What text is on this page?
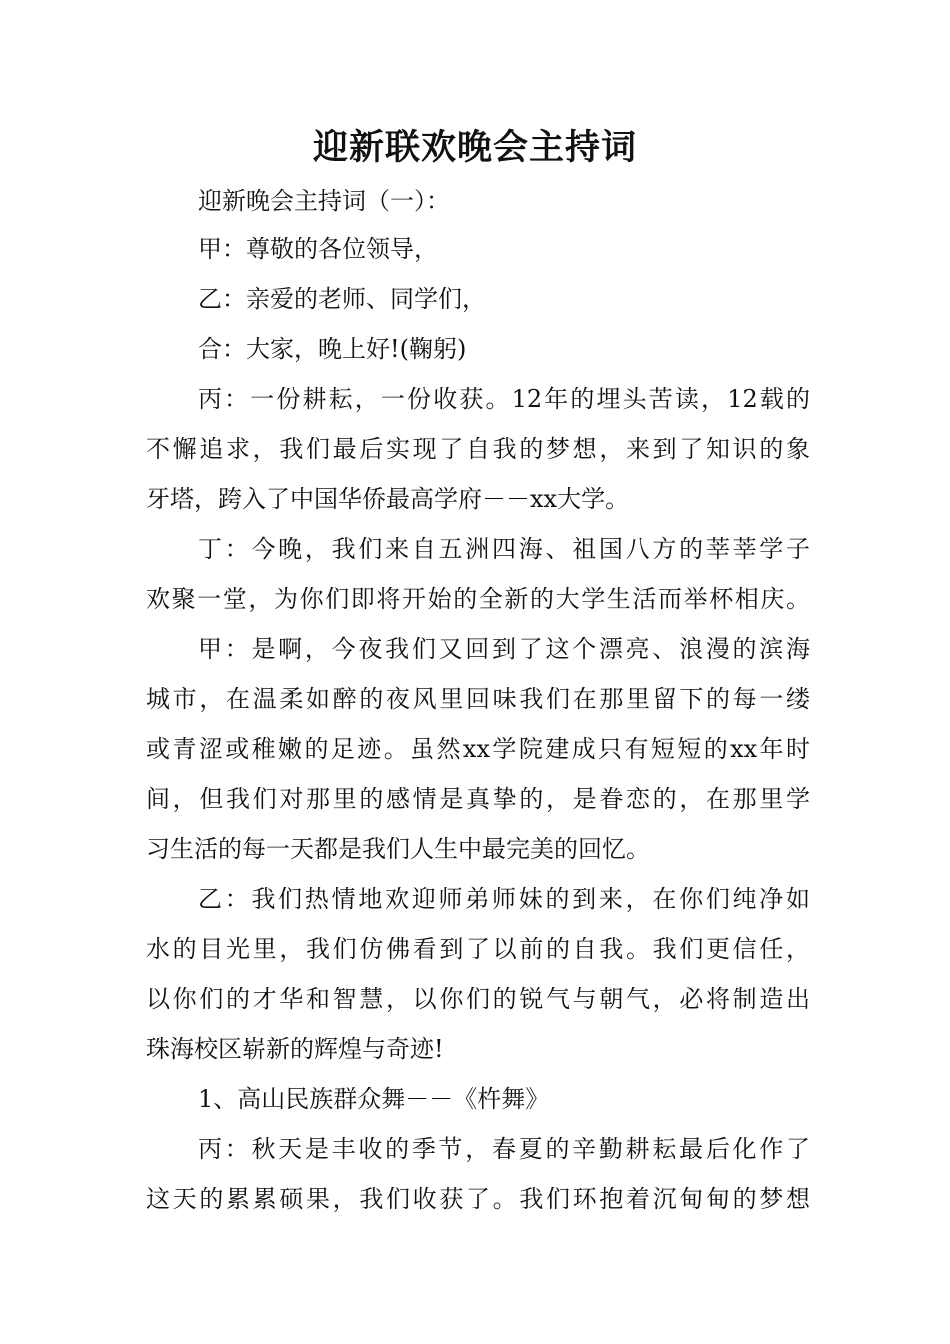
迎新联欢晚会主持词
迎新晚会主持词（一）：
甲：尊敬的各位领导，
乙：亲爱的老师、同学们，
合：大家，晚上好!(鞠躬)
丙：一份耕耘，一份收获。12年的埋头苦读，12载的
不懈追求，我们最后实现了自我的梦想，来到了知识的象
牙塔，跨入了中国华侨最高学府－－xx大学。
丁：今晚，我们来自五洲四海、祖国八方的莘莘学子
欢聚一堂，为你们即将开始的全新的大学生活而举杯相庆。
甲：是啊，今夜我们又回到了这个漂亮、浪漫的滨海
城市，在温柔如醉的夜风里回味我们在那里留下的每一缕
或青涩或稚嫩的足迹。虽然xx学院建成只有短短的xx年时
间，但我们对那里的感情是真挚的，是眷恋的，在那里学
习生活的每一天都是我们人生中最完美的回忆。
乙：我们热情地欢迎师弟师妹的到来，在你们纯净如
水的目光里，我们仿佛看到了以前的自我。我们更信任，
以你们的才华和智慧，以你们的锐气与朝气，必将制造出
珠海校区崭新的辉煌与奇迹!
1、高山民族群众舞－－《杵舞》
丙：秋天是丰收的季节，春夏的辛勤耕耘最后化作了
这天的累累硕果，我们收获了。我们环抱着沉甸甸的梦想
